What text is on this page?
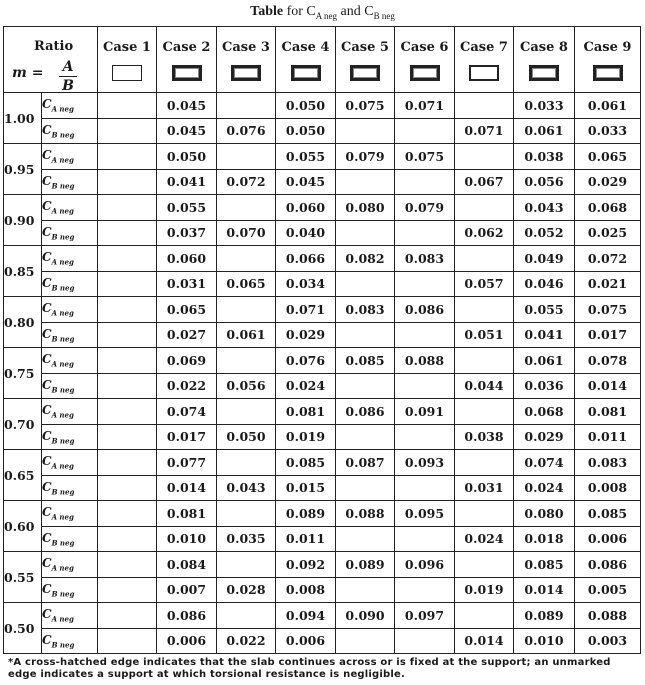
Table for $C_{A neg}$ and $C_{B neg}$
Ratio
m = A
B		Case 1	Case 2	Case 3	Case 4	Case 5	Case 6	Case 7	Case 8	Case 9

1.00	$C_{A neg}$		0.045		0.050	0.075	0.071		0.033	0.061
	$C_{B neg}$		0.045	0.076	0.050			0.071	0.061	0.033
0.95	$C_{A neg}$		0.050		0.055	0.079	0.075		0.038	0.065
	$C_{B neg}$		0.041	0.072	0.045			0.067	0.056	0.029
0.90	$C_{A neg}$		0.055		0.060	0.080	0.079		0.043	0.068
	$C_{B neg}$		0.037	0.070	0.040			0.062	0.052	0.025
0.85	$C_{A neg}$		0.060		0.066	0.082	0.083		0.049	0.072
	$C_{B neg}$		0.031	0.065	0.034			0.057	0.046	0.021
0.80	$C_{A neg}$		0.065		0.071	0.083	0.086		0.055	0.075
	$C_{B neg}$		0.027	0.061	0.029			0.051	0.041	0.017
0.75	$C_{A neg}$		0.069		0.076	0.085	0.088		0.061	0.078
	$C_{B neg}$		0.022	0.056	0.024			0.044	0.036	0.014
0.70	$C_{A neg}$		0.074		0.081	0.086	0.091		0.068	0.081
	$C_{B neg}$		0.017	0.050	0.019			0.038	0.029	0.011
0.65	$C_{A neg}$		0.077		0.085	0.087	0.093		0.074	0.083
	$C_{B neg}$		0.014	0.043	0.015			0.031	0.024	0.008
0.60	$C_{A neg}$		0.081		0.089	0.088	0.095		0.080	0.085
	$C_{B neg}$		0.010	0.035	0.011			0.024	0.018	0.006
0.55	$C_{A neg}$		0.084		0.092	0.089	0.096		0.085	0.086
	$C_{B neg}$		0.007	0.028	0.008			0.019	0.014	0.005
0.50	$C_{A neg}$		0.086		0.094	0.090	0.097		0.089	0.088
	$C_{B neg}$		0.006	0.022	0.006			0.014	0.010	0.003
*A cross-hatched edge indicates that the slab continues across or is fixed at the support; an unmarked edge indicates a support at which torsional resistance is negligible.
